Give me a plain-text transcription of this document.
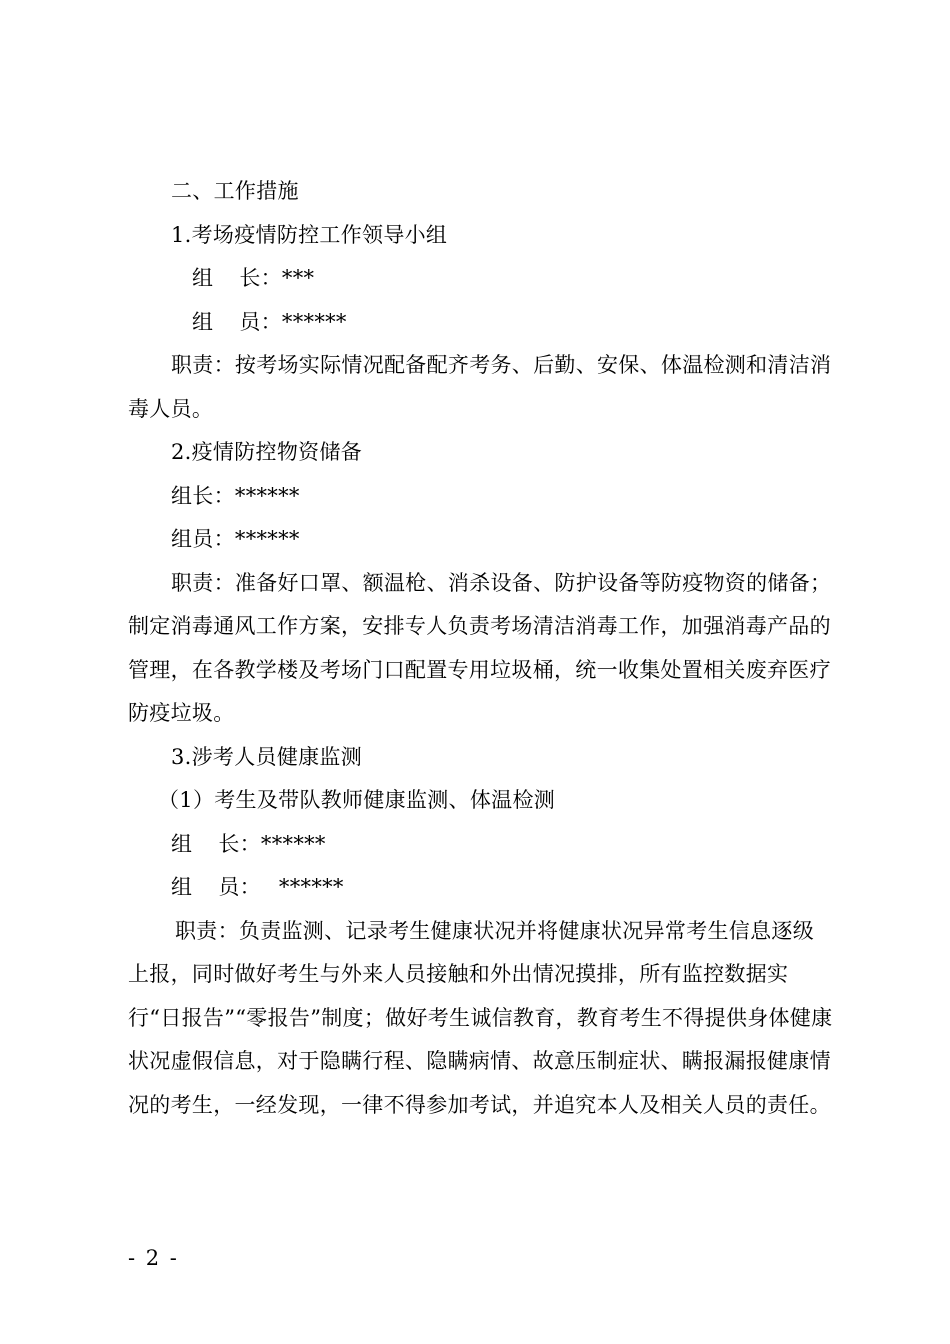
二、工作措施

1.考场疫情防控工作领导小组

组 长：***

组 员：******

职责：按考场实际情况配备配齐考务、后勤、安保、体温检测和清洁消毒人员。

2.疫情防控物资储备

组长：******

组员：******

职责：准备好口罩、额温枪、消杀设备、防护设备等防疫物资的储备；制定消毒通风工作方案，安排专人负责考场清洁消毒工作，加强消毒产品的管理，在各教学楼及考场门口配置专用垃圾桶，统一收集处置相关废弃医疗防疫垃圾。

3.涉考人员健康监测

（1）考生及带队教师健康监测、体温检测

组 长：******

组 员： ******

职责：负责监测、记录考生健康状况并将健康状况异常考生信息逐级上报，同时做好考生与外来人员接触和外出情况摸排，所有监控数据实行“日报告”“零报告”制度；做好考生诚信教育，教育考生不得提供身体健康状况虚假信息，对于隐瞒行程、隐瞒病情、故意压制症状、瞒报漏报健康情况的考生，一经发现，一律不得参加考试，并追究本人及相关人员的责任。

- 2 -
